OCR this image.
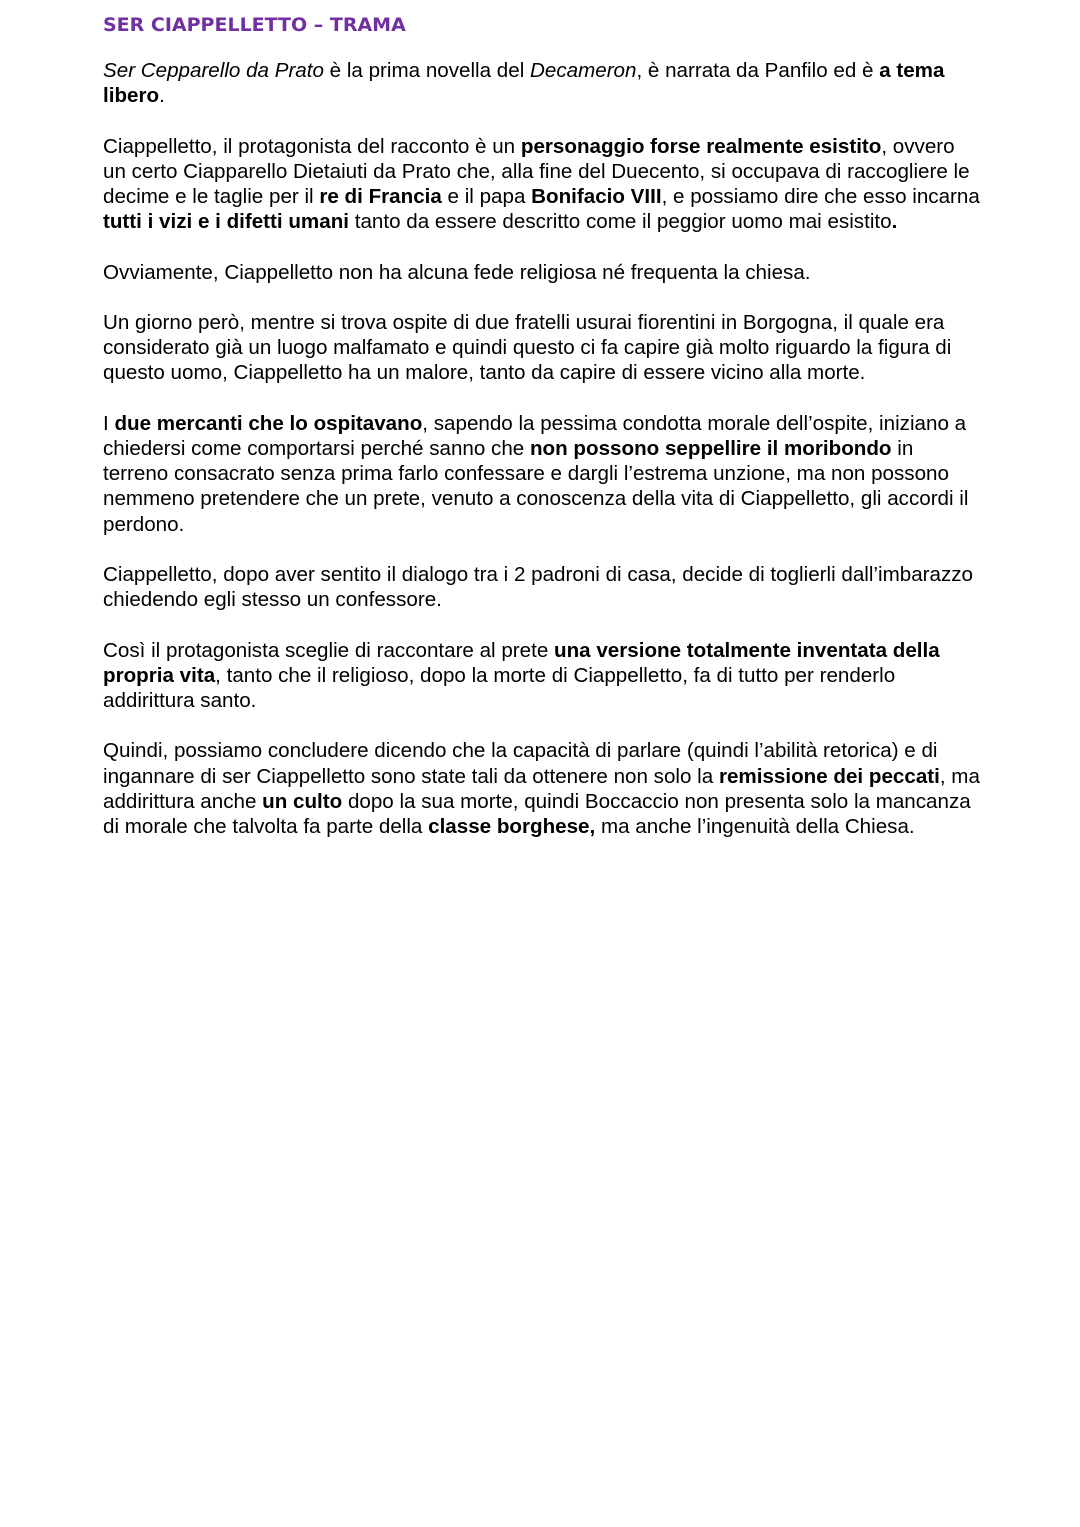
SER CIAPPELLETTO – TRAMA

Ser Cepparello da Prato è la prima novella del Decameron, è narrata da Panfilo ed è a tema libero.

Ciappelletto, il protagonista del racconto è un personaggio forse realmente esistito, ovvero un certo Ciapparello Dietaiuti da Prato che, alla fine del Duecento, si occupava di raccogliere le decime e le taglie per il re di Francia e il papa Bonifacio VIII, e possiamo dire che esso incarna tutti i vizi e i difetti umani tanto da essere descritto come il peggior uomo mai esistito.

Ovviamente, Ciappelletto non ha alcuna fede religiosa né frequenta la chiesa.

Un giorno però, mentre si trova ospite di due fratelli usurai fiorentini in Borgogna, il quale era considerato già un luogo malfamato e quindi questo ci fa capire già molto riguardo la figura di questo uomo, Ciappelletto ha un malore, tanto da capire di essere vicino alla morte.

I due mercanti che lo ospitavano, sapendo la pessima condotta morale dell’ospite, iniziano a chiedersi come comportarsi perché sanno che non possono seppellire il moribondo in terreno consacrato senza prima farlo confessare e dargli l’estrema unzione, ma non possono nemmeno pretendere che un prete, venuto a conoscenza della vita di Ciappelletto, gli accordi il perdono.

Ciappelletto, dopo aver sentito il dialogo tra i 2 padroni di casa, decide di toglierli dall’imbarazzo chiedendo egli stesso un confessore.

Così il protagonista sceglie di raccontare al prete una versione totalmente inventata della propria vita, tanto che il religioso, dopo la morte di Ciappelletto, fa di tutto per renderlo addirittura santo.

Quindi, possiamo concludere dicendo che la capacità di parlare (quindi l’abilità retorica) e di ingannare di ser Ciappelletto sono state tali da ottenere non solo la remissione dei peccati, ma addirittura anche un culto dopo la sua morte, quindi Boccaccio non presenta solo la mancanza di morale che talvolta fa parte della classe borghese, ma anche l’ingenuità della Chiesa.
